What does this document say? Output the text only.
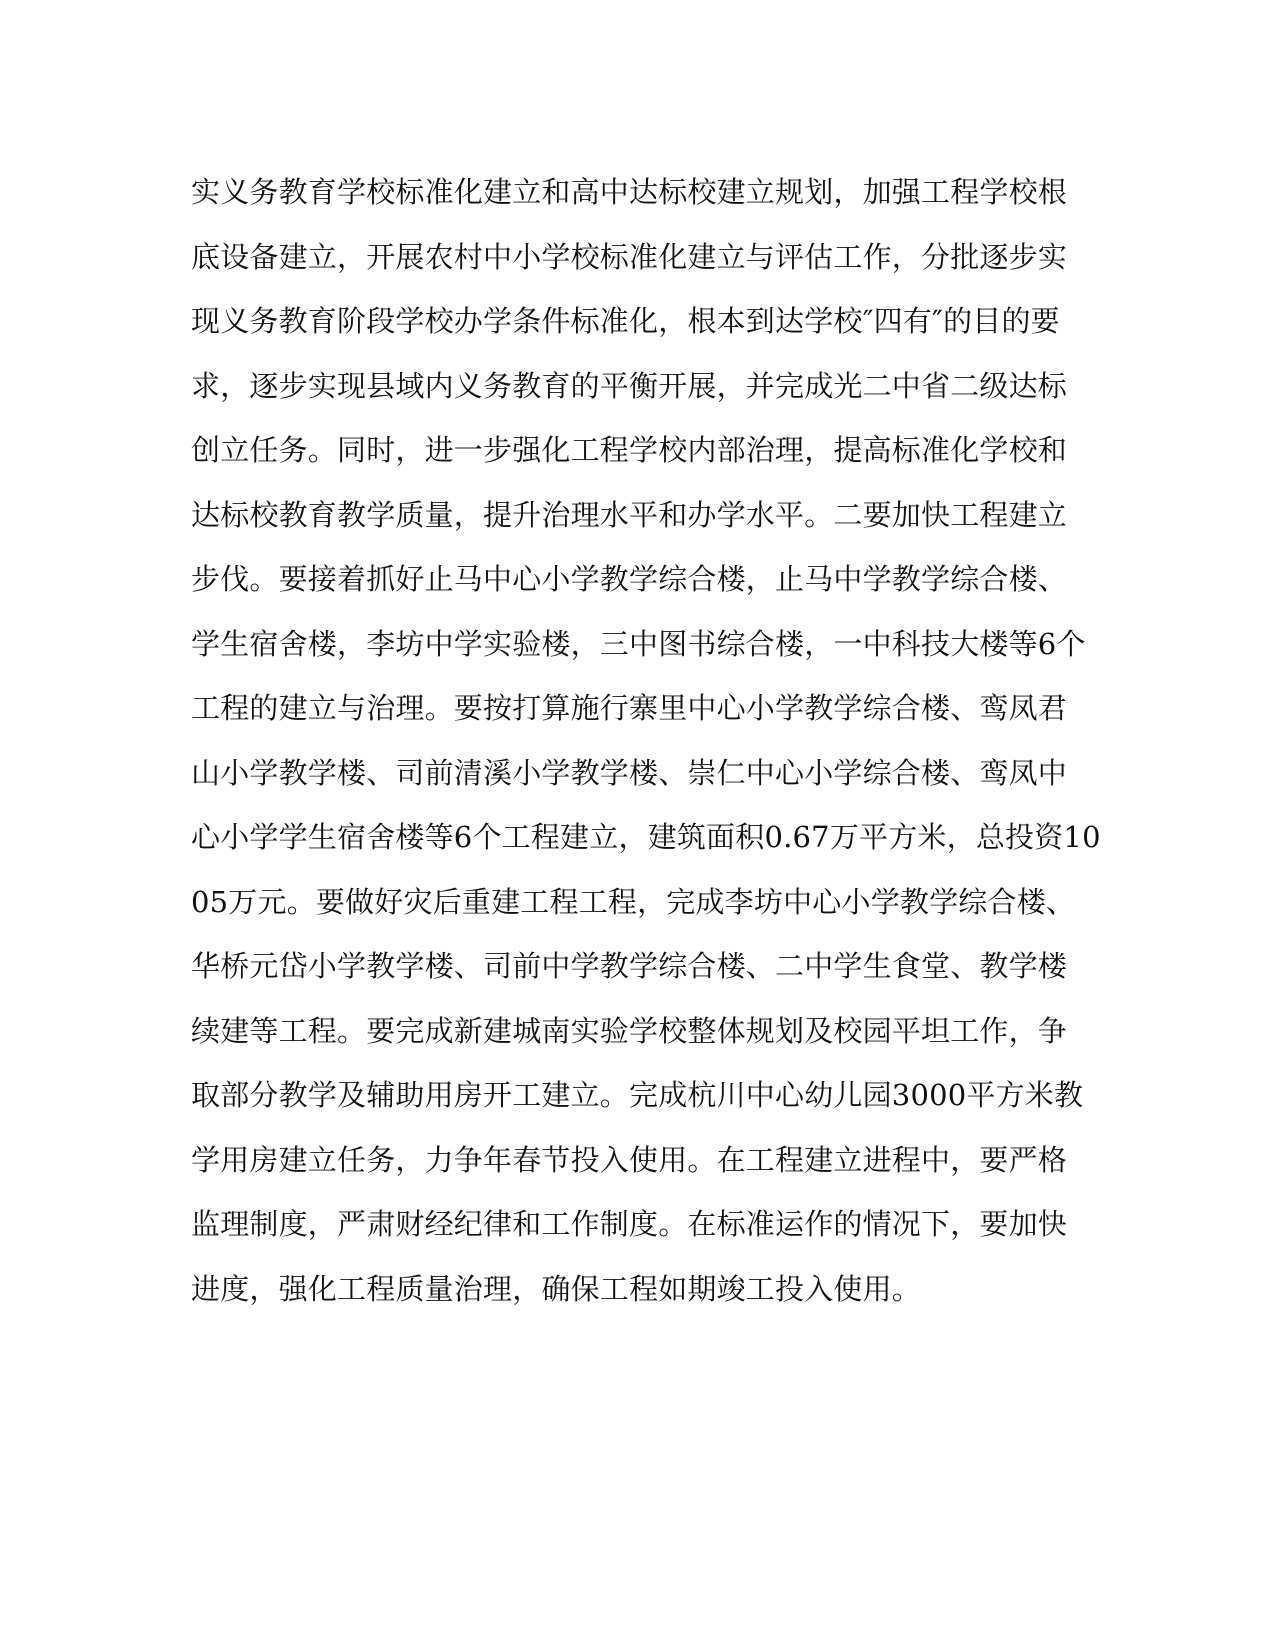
实义务教育学校标准化建立和高中达标校建立规划，加强工程学校根
底设备建立，开展农村中小学校标准化建立与评估工作，分批逐步实
现义务教育阶段学校办学条件标准化，根本到达学校″四有″的目的要
求，逐步实现县域内义务教育的平衡开展，并完成光二中省二级达标
创立任务。同时，进一步强化工程学校内部治理，提高标准化学校和
达标校教育教学质量，提升治理水平和办学水平。二要加快工程建立
步伐。要接着抓好止马中心小学教学综合楼，止马中学教学综合楼、
学生宿舍楼，李坊中学实验楼，三中图书综合楼，一中科技大楼等6个
工程的建立与治理。要按打算施行寨里中心小学教学综合楼、鸾凤君
山小学教学楼、司前清溪小学教学楼、崇仁中心小学综合楼、鸾凤中
心小学学生宿舍楼等6个工程建立，建筑面积0.67万平方米，总投资10
05万元。要做好灾后重建工程工程，完成李坊中心小学教学综合楼、
华桥元岱小学教学楼、司前中学教学综合楼、二中学生食堂、教学楼
续建等工程。要完成新建城南实验学校整体规划及校园平坦工作，争
取部分教学及辅助用房开工建立。完成杭川中心幼儿园3000平方米教
学用房建立任务，力争年春节投入使用。在工程建立进程中，要严格
监理制度，严肃财经纪律和工作制度。在标准运作的情况下，要加快
进度，强化工程质量治理，确保工程如期竣工投入使用。
